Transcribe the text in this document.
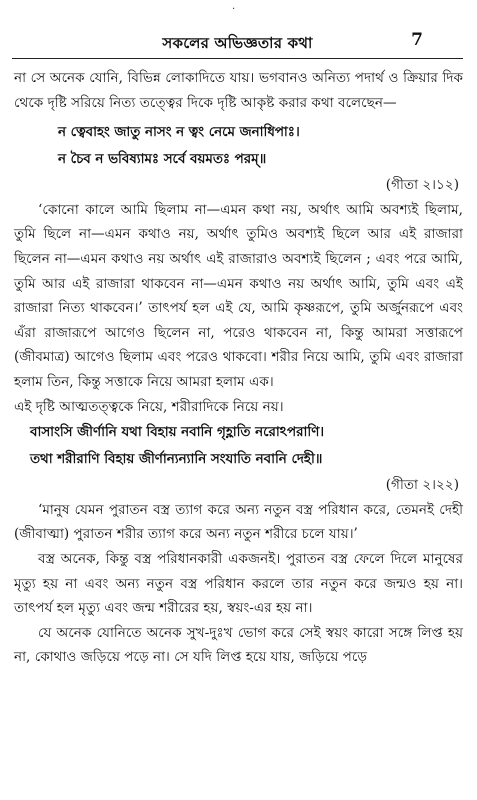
·
সকলের অভিজ্ঞতার কথা	7

না সে অনেক যোনি, বিভিন্ন লোকাদিতে যায়। ভগবানও অনিত্য পদার্থ ও ক্রিয়ার দিক থেকে দৃষ্টি সরিয়ে নিত্য তত্ত্বের দিকে দৃষ্টি আকৃষ্ট করার কথা বলেছেন—

ন ত্বেবাহং জাতু নাসং ন ত্বং নেমে জনাধিপাঃ।

ন চৈব ন ভবিষ্যামঃ সর্বে বয়মতঃ পরম্‌॥

(গীতা ২।১২)

‘কোনো কালে আমি ছিলাম না—এমন কথা নয়, অর্থাৎ আমি অবশ্যই ছিলাম, তুমি ছিলে না—এমন কথাও নয়, অর্থাৎ তুমিও অবশ্যই ছিলে আর এই রাজারা ছিলেন না—এমন কথাও নয় অর্থাৎ এই রাজারাও অবশ্যই ছিলেন ; এবং পরে আমি, তুমি আর এই রাজারা থাকবেন না—এমন কথাও নয় অর্থাৎ আমি, তুমি এবং এই রাজারা নিত্য থাকবেন।’ তাৎপর্য হল এই যে, আমি কৃষ্ণরূপে, তুমি অর্জুনরূপে এবং এঁরা রাজারূপে আগেও ছিলেন না, পরেও থাকবেন না, কিন্তু আমরা সত্তারূপে (জীবমাত্র) আগেও ছিলাম এবং পরেও থাকবো। শরীর নিয়ে আমি, তুমি এবং রাজারা হলাম তিন, কিন্তু সত্তাকে নিয়ে আমরা হলাম এক।

এই দৃষ্টি আত্মতত্ত্বকে নিয়ে, শরীরাদিকে নিয়ে নয়।

বাসাংসি জীর্ণানি যথা বিহায় নবানি গৃহ্ণাতি নরোঽপরাণি।

তথা শরীরাণি বিহায় জীর্ণান্যন্যানি সংযাতি নবানি দেহী॥

(গীতা ২।২২)

‘মানুষ যেমন পুরাতন বস্ত্র ত্যাগ করে অন্য নতুন বস্ত্র পরিধান করে, তেমনই দেহী (জীবাত্মা) পুরাতন শরীর ত্যাগ করে অন্য নতুন শরীরে চলে যায়।’

বস্ত্র অনেক, কিন্তু বস্ত্র পরিধানকারী একজনই। পুরাতন বস্ত্র ফেলে দিলে মানুষের মৃত্যু হয় না এবং অন্য নতুন বস্ত্র পরিধান করলে তার নতুন করে জন্মও হয় না। তাৎপর্য হল মৃত্যু এবং জন্ম শরীরের হয়, স্বয়ং-এর হয় না।

যে অনেক যোনিতে অনেক সুখ-দুঃখ ভোগ করে সেই স্বয়ং কারো সঙ্গে লিপ্ত হয় না, কোথাও জড়িয়ে পড়ে না। সে যদি লিপ্ত হয়ে যায়, জড়িয়ে পড়ে
